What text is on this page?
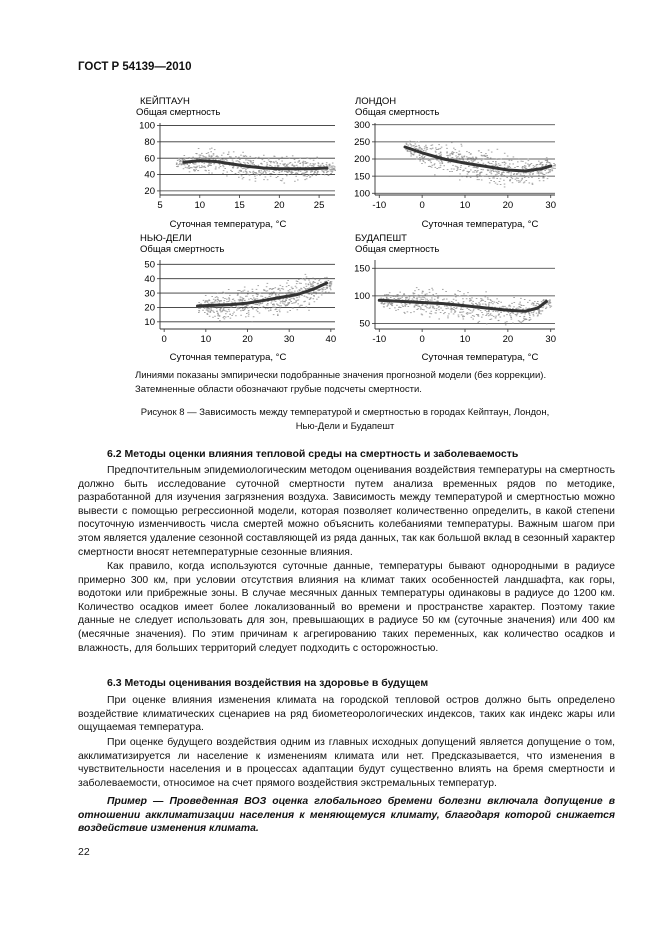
ГОСТ Р 54139—2010
КЕЙПТАУН
Общая смертность
20
40
60
80
100
5	10	15	20	25
Суточная температура, °C
ЛОНДОН
Общая смертность
100
150
200
250
300
-10	0	10	20	30
Суточная температура, °C
НЬЮ-ДЕЛИ
Общая смертность
10
20
30
40
50
0	10	20	30	40
Суточная температура, °C
БУДАПЕШТ
Общая смертность
50
100
150
-10	0	10	20	30
Суточная температура, °C
Линиями показаны эмпирически подобранные значения прогнозной модели (без коррекции).
Затемненные области обозначают грубые подсчеты смертности.
Рисунок 8 — Зависимость между температурой и смертностью в городах Кейптаун, Лондон,
Нью-Дели и Будапешт
6.2 Методы оценки влияния тепловой среды на смертность и заболеваемость

Предпочтительным эпидемиологическим методом оценивания воздействия температуры на смертность должно быть исследование суточной смертности путем анализа временных рядов по методике, разработанной для изучения загрязнения воздуха. Зависимость между температурой и смертностью можно вывести с помощью регрессионной модели, которая позволяет количественно определить, в какой степени посуточную изменчивость числа смертей можно объяснить колебаниями температуры. Важным шагом при этом является удаление сезонной составляющей из ряда данных, так как большой вклад в сезонный характер смертности вносят нетемпературные сезонные влияния.

Как правило, когда используются суточные данные, температуры бывают однородными в радиусе примерно 300 км, при условии отсутствия влияния на климат таких особенностей ландшафта, как горы, водотоки или прибрежные зоны. В случае месячных данных температуры одинаковы в радиусе до 1200 км. Количество осадков имеет более локализованный во времени и пространстве характер. Поэтому такие данные не следует использовать для зон, превышающих в радиусе 50 км (суточные значения) или 400 км (месячные значения). По этим причинам к агрегированию таких переменных, как количество осадков и влажность, для больших территорий следует подходить с осторожностью.

6.3 Методы оценивания воздействия на здоровье в будущем

При оценке влияния изменения климата на городской тепловой остров должно быть определено воздействие климатических сценариев на ряд биометеорологических индексов, таких как индекс жары или ощущаемая температура.

При оценке будущего воздействия одним из главных исходных допущений является допущение о том, акклиматизируется ли население к изменениям климата или нет. Предсказывается, что изменения в чувствительности населения и в процессах адаптации будут существенно влиять на бремя смертности и заболеваемости, относимое на счет прямого воздействия экстремальных температур.

Пример — Проведенная ВОЗ оценка глобального бремени болезни включала допущение в отношении акклиматизации населения к меняющемуся климату, благодаря которой снижается воздействие изменения климата.

22
